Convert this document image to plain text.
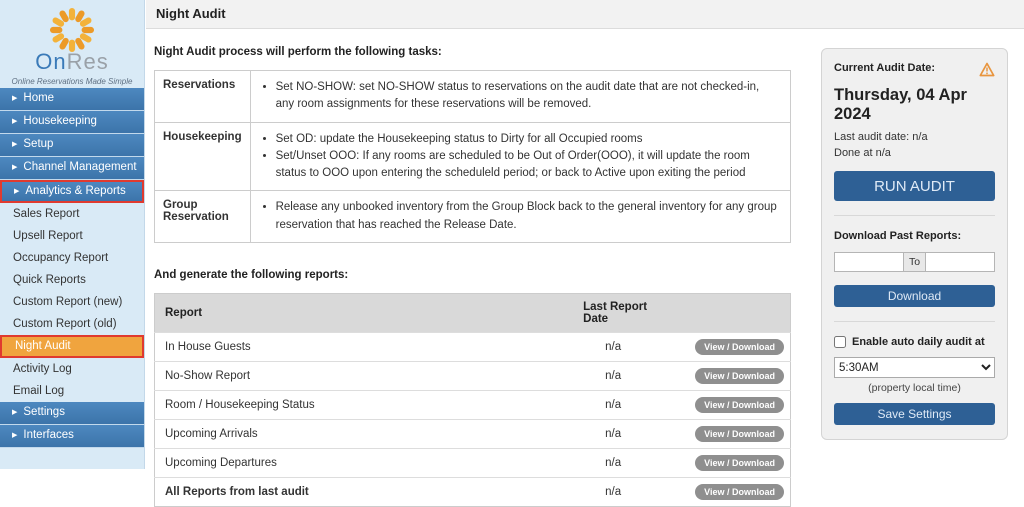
OnRes
Online Reservations Made Simple
▶ Home
▶ Housekeeping
▶ Setup
▶ Channel Management
▶ Analytics & Reports
Sales Report
Upsell Report
Occupancy Report
Quick Reports
Custom Report (new)
Custom Report (old)
Night Audit
Activity Log
Email Log
▶ Settings
▶ Interfaces
Night Audit
Night Audit process will perform the following tasks:
Reservations	
•Set NO-SHOW: set NO-SHOW status to reservations on the audit date that are not checked-in, any room assignments for these reservations will be removed.

Housekeeping	
•Set OD: update the Housekeeping status to Dirty for all Occupied rooms
• Set/Unset OOO: If any rooms are scheduled to be Out of Order(OOO), it will update the room status to OOO upon entering the scheduleld period; or back to Active upon exiting the period

Group Reservation	
• Release any unbooked inventory from the Group Block back to the general inventory for any group reservation that has reached the Release Date.
And generate the following reports:
Report	Last Report Date	
In House Guests	n/a	View / Download
No-Show Report	n/a	View / Download
Room / Housekeeping Status	n/a	View / Download
Upcoming Arrivals	n/a	View / Download
Upcoming Departures	n/a	View / Download
All Reports from last audit	n/a	View / Download
Current Audit Date:
Thursday, 04 Apr 2024
Last audit date: n/a
Done at n/a
RUN AUDIT
Download Past Reports:
To
Download
Enable auto daily audit at
5:30AM
(property local time)
Save Settings
